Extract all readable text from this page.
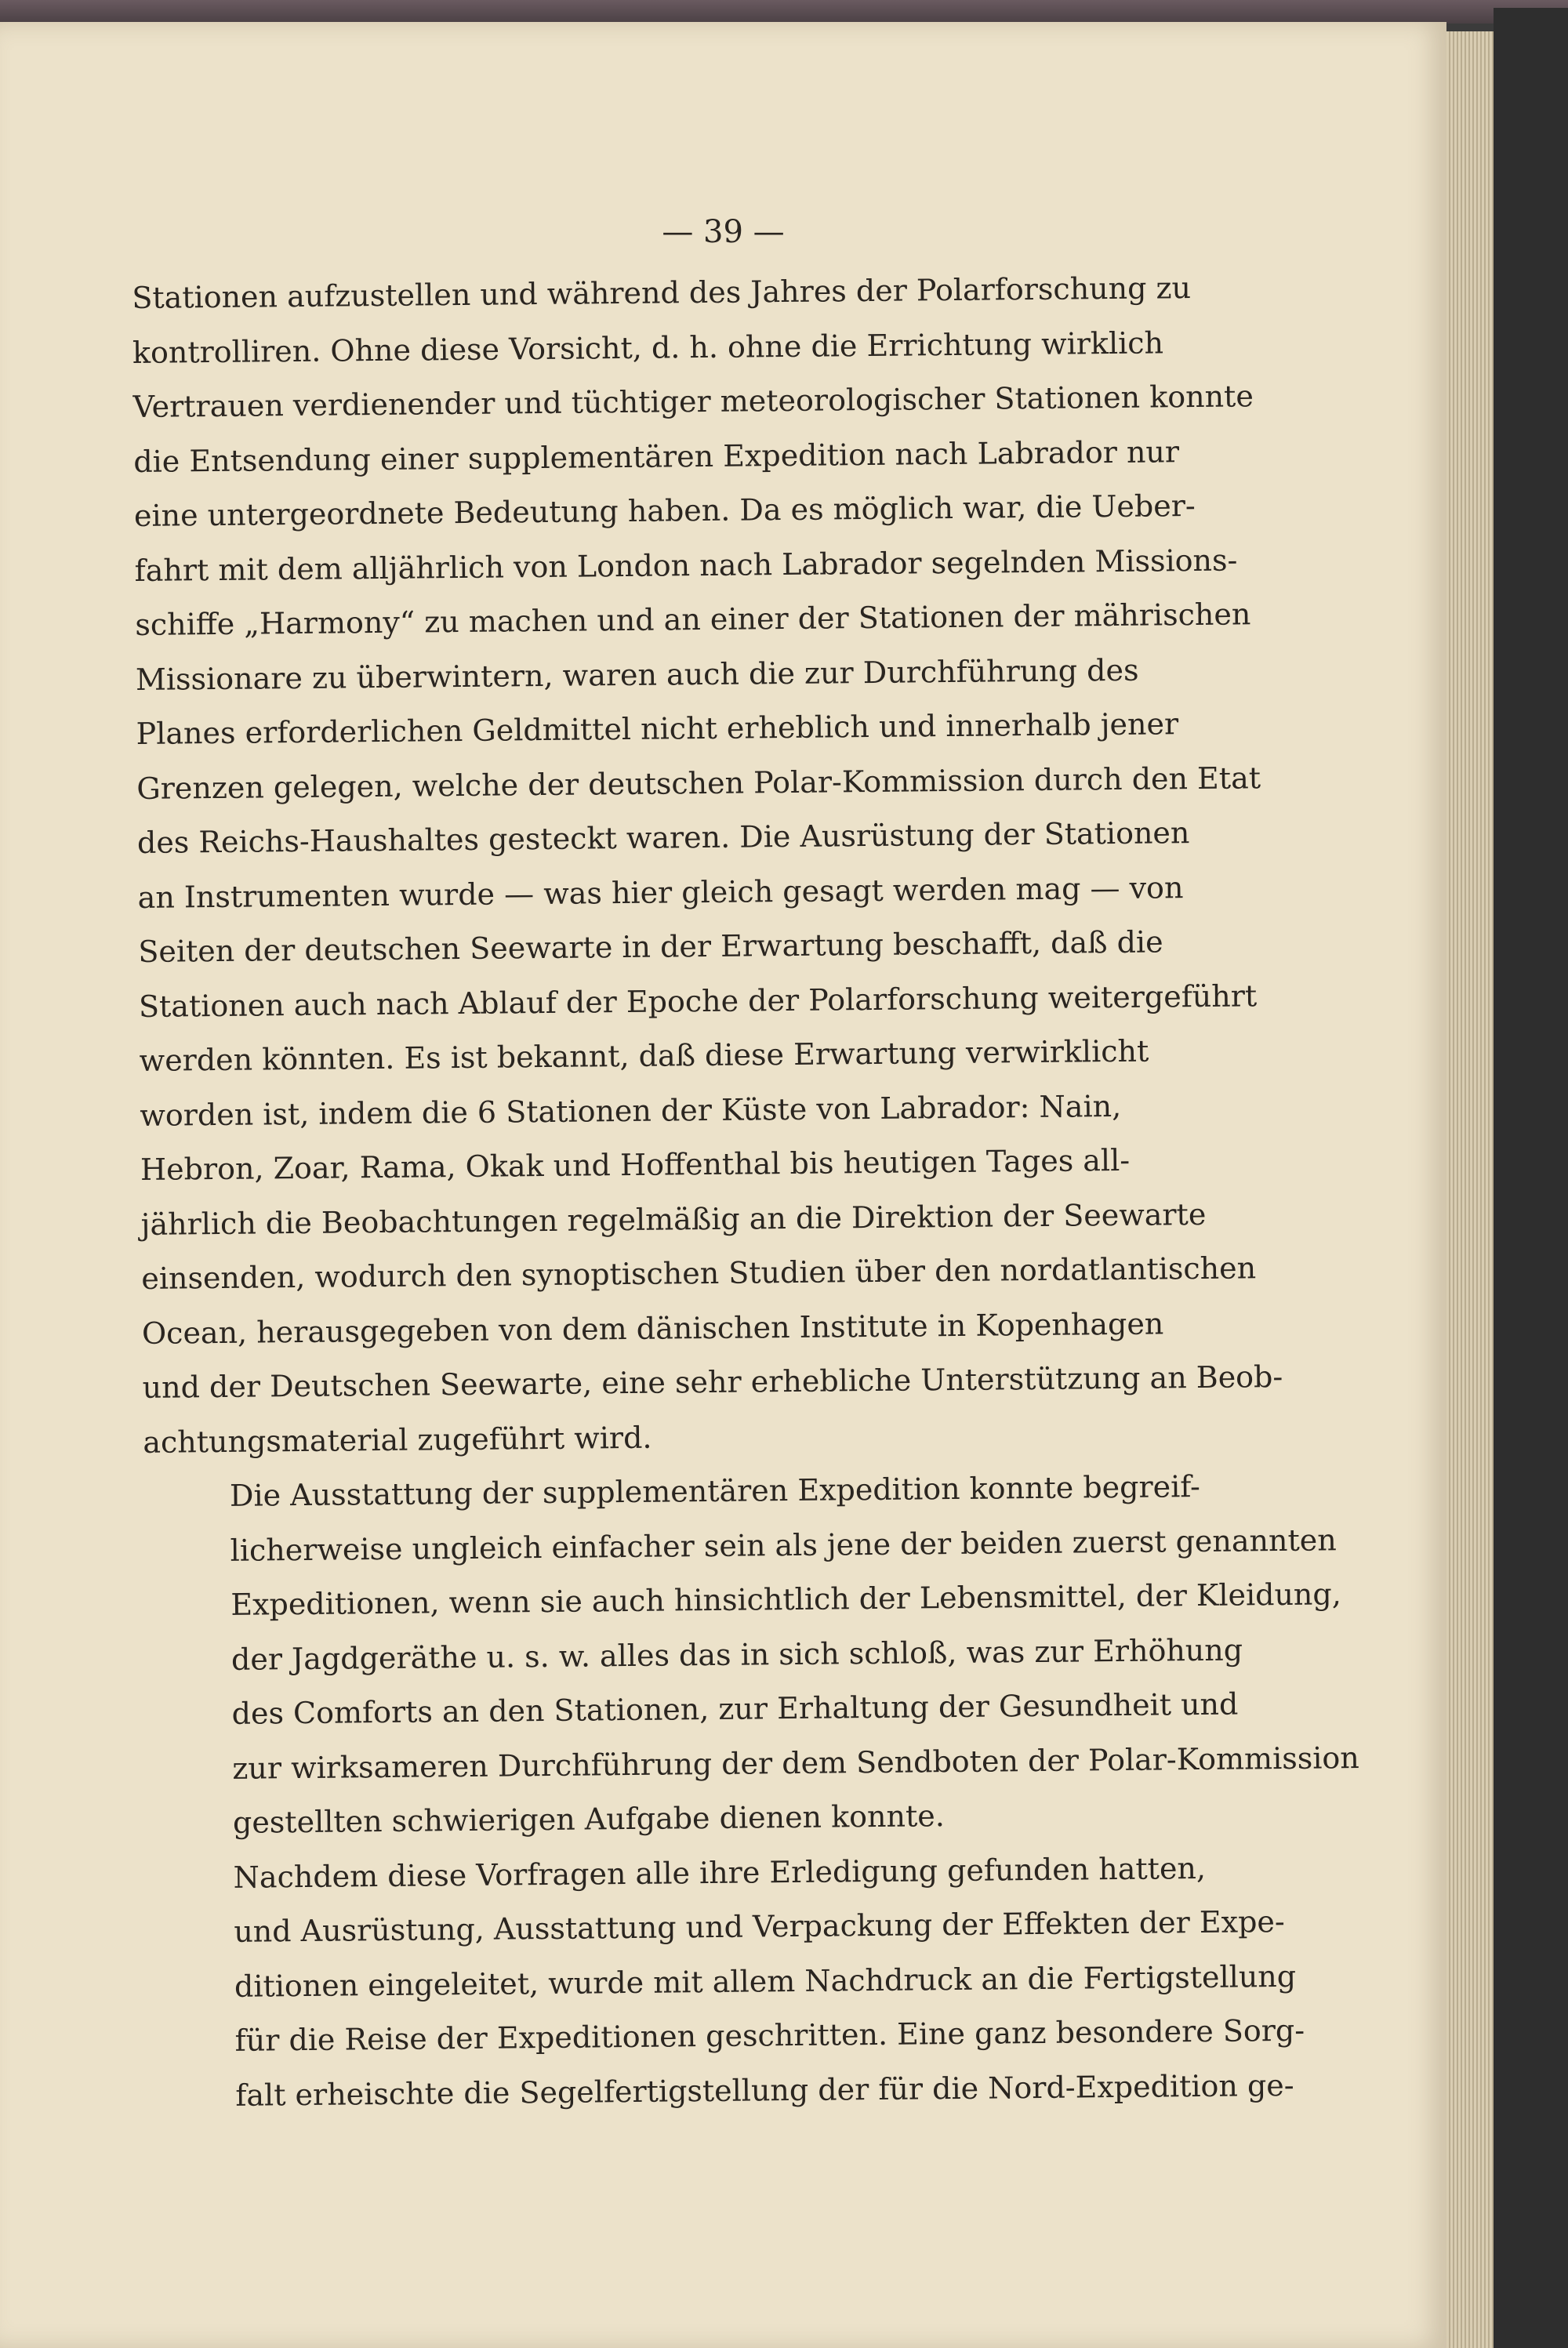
— 39 —

Stationen aufzustellen und während des Jahres der Polarforschung zu
kontrolliren. Ohne diese Vorsicht, d. h. ohne die Errichtung wirklich
Vertrauen verdienender und tüchtiger meteorologischer Stationen konnte
die Entsendung einer supplementären Expedition nach Labrador nur
eine untergeordnete Bedeutung haben. Da es möglich war, die Ueber-
fahrt mit dem alljährlich von London nach Labrador segelnden Missions-
schiffe „Harmony“ zu machen und an einer der Stationen der mährischen
Missionare zu überwintern, waren auch die zur Durchführung des
Planes erforderlichen Geldmittel nicht erheblich und innerhalb jener
Grenzen gelegen, welche der deutschen Polar-Kommission durch den Etat
des Reichs-Haushaltes gesteckt waren. Die Ausrüstung der Stationen
an Instrumenten wurde — was hier gleich gesagt werden mag — von
Seiten der deutschen Seewarte in der Erwartung beschafft, daß die
Stationen auch nach Ablauf der Epoche der Polarforschung weitergeführt
werden könnten. Es ist bekannt, daß diese Erwartung verwirklicht
worden ist, indem die 6 Stationen der Küste von Labrador: Nain,
Hebron, Zoar, Rama, Okak und Hoffenthal bis heutigen Tages all-
jährlich die Beobachtungen regelmäßig an die Direktion der Seewarte
einsenden, wodurch den synoptischen Studien über den nordatlantischen
Ocean, herausgegeben von dem dänischen Institute in Kopenhagen
und der Deutschen Seewarte, eine sehr erhebliche Unterstützung an Beob-
achtungsmaterial zugeführt wird.

Die Ausstattung der supplementären Expedition konnte begreif-
licherweise ungleich einfacher sein als jene der beiden zuerst genannten
Expeditionen, wenn sie auch hinsichtlich der Lebensmittel, der Kleidung,
der Jagdgeräthe u. s. w. alles das in sich schloß, was zur Erhöhung
des Comforts an den Stationen, zur Erhaltung der Gesundheit und
zur wirksameren Durchführung der dem Sendboten der Polar-Kommission
gestellten schwierigen Aufgabe dienen konnte.

Nachdem diese Vorfragen alle ihre Erledigung gefunden hatten,
und Ausrüstung, Ausstattung und Verpackung der Effekten der Expe-
ditionen eingeleitet, wurde mit allem Nachdruck an die Fertigstellung
für die Reise der Expeditionen geschritten. Eine ganz besondere Sorg-
falt erheischte die Segelfertigstellung der für die Nord-Expedition ge-
